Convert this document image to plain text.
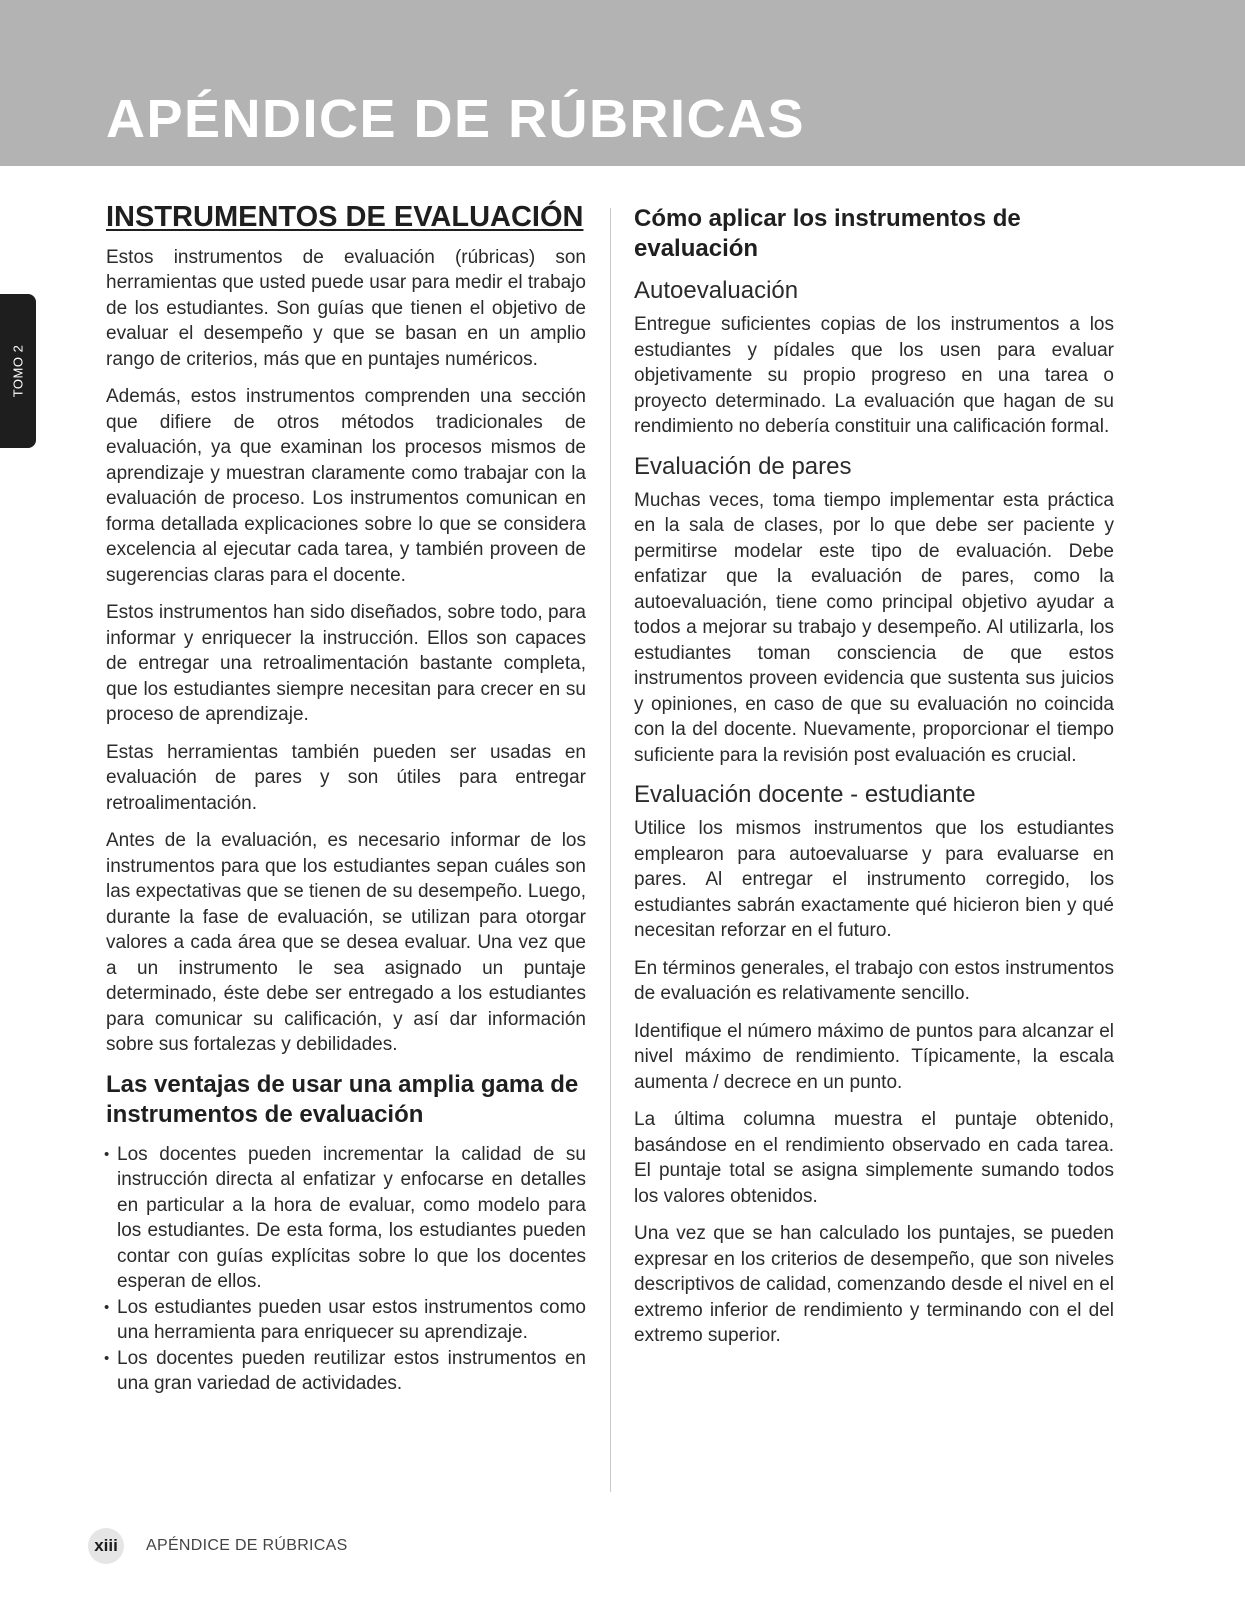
APÉNDICE DE RÚBRICAS
TOMO 2
INSTRUMENTOS DE EVALUACIÓN

Estos instrumentos de evaluación (rúbricas) son herramientas que usted puede usar para medir el trabajo de los estudiantes. Son guías que tienen el objetivo de evaluar el desempeño y que se basan en un amplio rango de criterios, más que en puntajes numéricos.

Además, estos instrumentos comprenden una sección que difiere de otros métodos tradicionales de evaluación, ya que examinan los procesos mismos de aprendizaje y muestran claramente como trabajar con la evaluación de proceso. Los instrumentos comunican en forma detallada explicaciones sobre lo que se considera excelencia al ejecutar cada tarea, y también proveen de sugerencias claras para el docente.

Estos instrumentos han sido diseñados, sobre todo, para informar y enriquecer la instrucción. Ellos son capaces de entregar una retroalimentación bastante completa, que los estudiantes siempre necesitan para crecer en su proceso de aprendizaje.

Estas herramientas también pueden ser usadas en evaluación de pares y son útiles para entregar retroalimentación.

Antes de la evaluación, es necesario informar de los instrumentos para que los estudiantes sepan cuáles son las expectativas que se tienen de su desempeño. Luego, durante la fase de evaluación, se utilizan para otorgar valores a cada área que se desea evaluar. Una vez que a un instrumento le sea asignado un puntaje determinado, éste debe ser entregado a los estudiantes para comunicar su calificación, y así dar información sobre sus fortalezas y debilidades.

Las ventajas de usar una amplia gama de instrumentos de evaluación
• Los docentes pueden incrementar la calidad de su instrucción directa al enfatizar y enfocarse en detalles en particular a la hora de evaluar, como modelo para los estudiantes. De esta forma, los estudiantes pueden contar con guías explícitas sobre lo que los docentes esperan de ellos.
• Los estudiantes pueden usar estos instrumentos como una herramienta para enriquecer su aprendizaje.
• Los docentes pueden reutilizar estos instrumentos en una gran variedad de actividades.
Cómo aplicar los instrumentos de evaluación
Autoevaluación

Entregue suficientes copias de los instrumentos a los estudiantes y pídales que los usen para evaluar objetivamente su propio progreso en una tarea o proyecto determinado. La evaluación que hagan de su rendimiento no debería constituir una calificación formal.

Evaluación de pares

Muchas veces, toma tiempo implementar esta práctica en la sala de clases, por lo que debe ser paciente y permitirse modelar este tipo de evaluación. Debe enfatizar que la evaluación de pares, como la autoevaluación, tiene como principal objetivo ayudar a todos a mejorar su trabajo y desempeño. Al utilizarla, los estudiantes toman consciencia de que estos instrumentos proveen evidencia que sustenta sus juicios y opiniones, en caso de que su evaluación no coincida con la del docente. Nuevamente, proporcionar el tiempo suficiente para la revisión post evaluación es crucial.

Evaluación docente - estudiante

Utilice los mismos instrumentos que los estudiantes emplearon para autoevaluarse y para evaluarse en pares. Al entregar el instrumento corregido, los estudiantes sabrán exactamente qué hicieron bien y qué necesitan reforzar en el futuro.

En términos generales, el trabajo con estos instrumentos de evaluación es relativamente sencillo.

Identifique el número máximo de puntos para alcanzar el nivel máximo de rendimiento. Típicamente, la escala aumenta / decrece en un punto.

La última columna muestra el puntaje obtenido, basándose en el rendimiento observado en cada tarea. El puntaje total se asigna simplemente sumando todos los valores obtenidos.

Una vez que se han calculado los puntajes, se pueden expresar en los criterios de desempeño, que son niveles descriptivos de calidad, comenzando desde el nivel en el extremo inferior de rendimiento y terminando con el del extremo superior.

xiii	APÉNDICE DE RÚBRICAS
